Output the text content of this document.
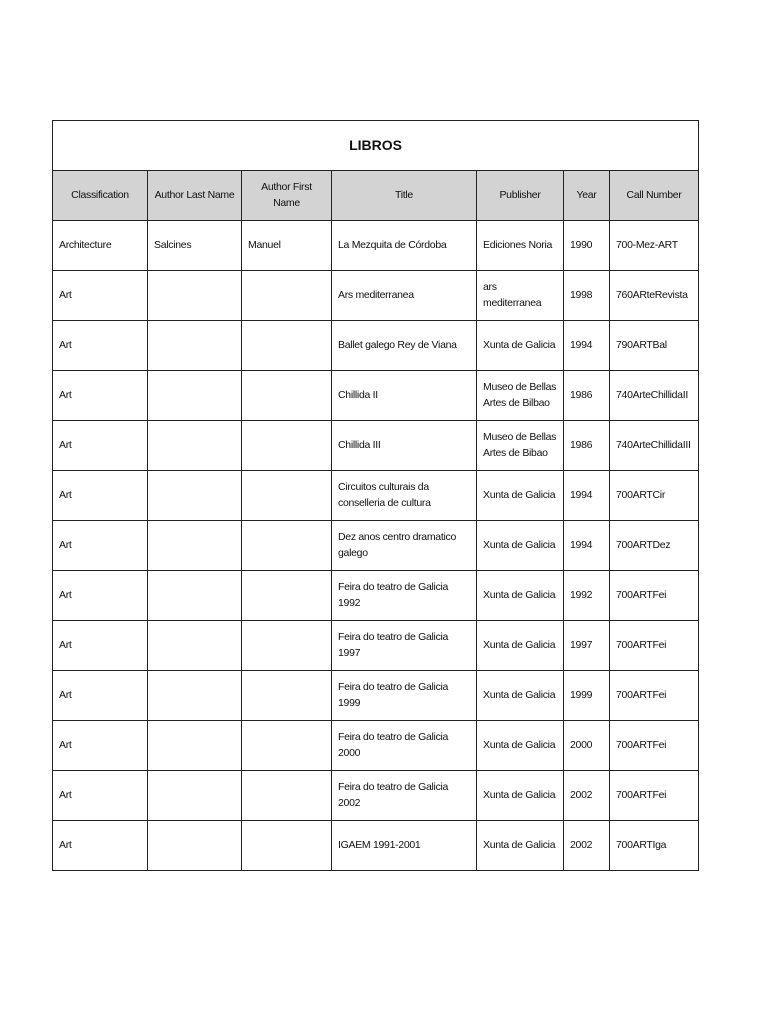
LIBROS						
Classification	Author Last Name	Author First Name	Title	Publisher	Year	Call Number
Architecture	Salcines	Manuel	La Mezquita de Córdoba	Ediciones Noria	1990	700-Mez-ART
Art			Ars mediterranea	ars mediterranea	1998	760ARteRevista
Art			Ballet galego Rey de Viana	Xunta de Galicia	1994	790ARTBal
Art			Chillida II	Museo de Bellas Artes de Bilbao	1986	740ArteChillidaII
Art			Chillida III	Museo de Bellas Artes de Bibao	1986	740ArteChillidaIII
Art			Circuitos culturais da conselleria de cultura	Xunta de Galicia	1994	700ARTCir
Art			Dez anos centro dramatico galego	Xunta de Galicia	1994	700ARTDez
Art			Feira do teatro de Galicia 1992	Xunta de Galicia	1992	700ARTFei
Art			Feira do teatro de Galicia 1997	Xunta de Galicia	1997	700ARTFei
Art			Feira do teatro de Galicia 1999	Xunta de Galicia	1999	700ARTFei
Art			Feira do teatro de Galicia 2000	Xunta de Galicia	2000	700ARTFei
Art			Feira do teatro de Galicia 2002	Xunta de Galicia	2002	700ARTFei
Art			IGAEM 1991-2001	Xunta de Galicia	2002	700ARTIga
